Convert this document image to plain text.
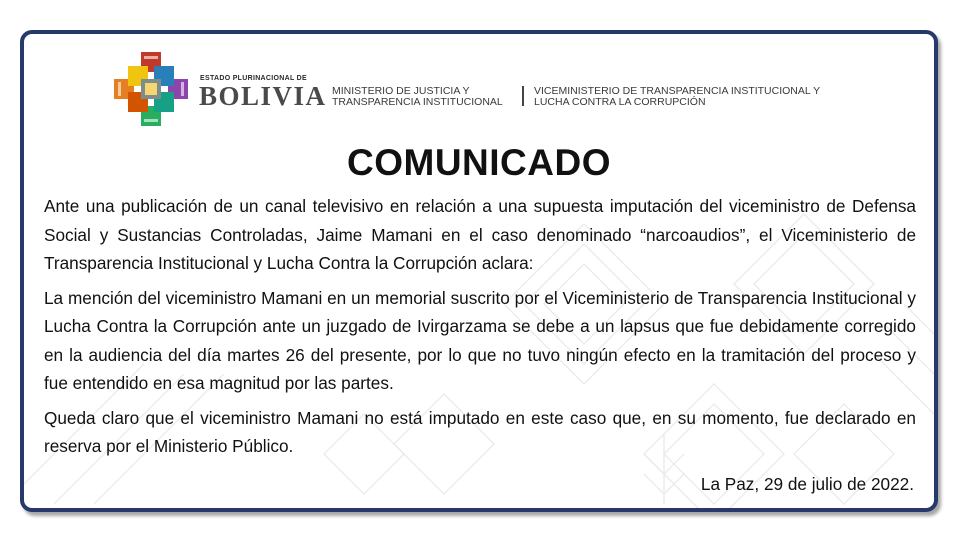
ESTADO PLURINACIONAL DE
BOLIVIA MINISTERIO DE JUSTICIA Y
TRANSPARENCIA INSTITUCIONAL
VICEMINISTERIO DE TRANSPARENCIA INSTITUCIONAL Y
LUCHA CONTRA LA CORRUPCIÓN
COMUNICADO

Ante una publicación de un canal televisivo en relación a una supuesta imputación del viceministro de Defensa Social y Sustancias Controladas, Jaime Mamani en el caso denominado “narcoaudios”, el Viceministerio de Transparencia Institucional y Lucha Contra la Corrupción aclara:

La mención del viceministro Mamani en un memorial suscrito por el Viceministerio de Transparencia Institucional y Lucha Contra la Corrupción ante un juzgado de Ivirgarzama se debe a un lapsus que fue debidamente corregido en la audiencia del día martes 26 del presente, por lo que no tuvo ningún efecto en la tramitación del proceso y fue entendido en esa magnitud por las partes.

Queda claro que el viceministro Mamani no está imputado en este caso que, en su momento, fue declarado en reserva por el Ministerio Público.

La Paz, 29 de julio de 2022.
